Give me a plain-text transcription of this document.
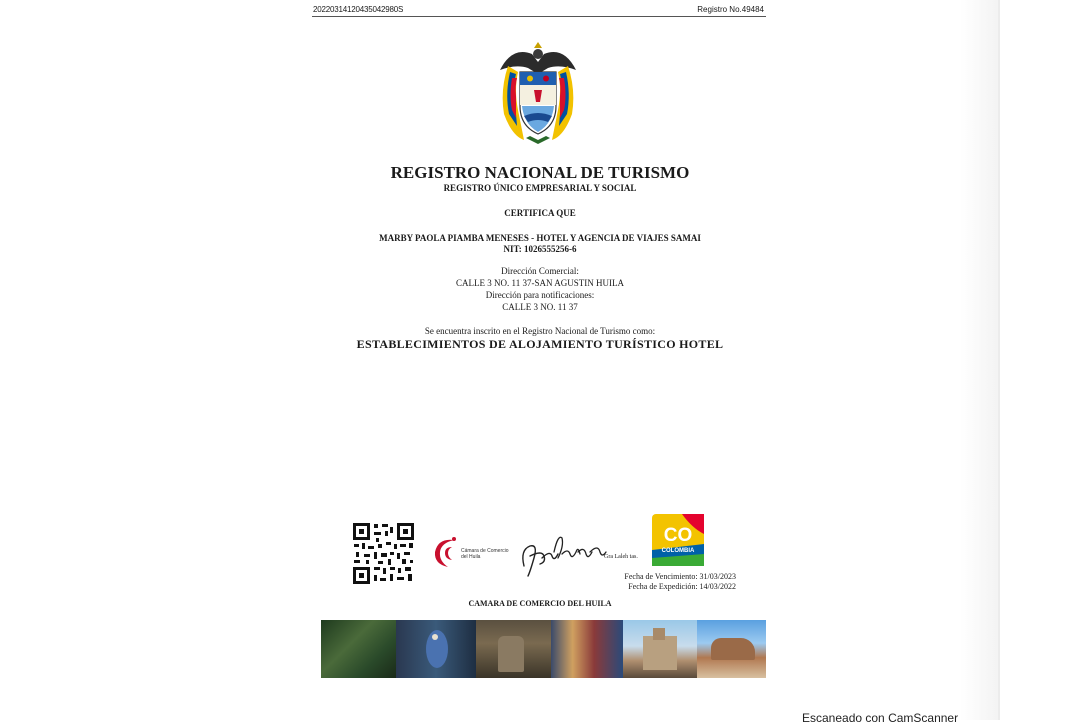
20220314120435042980S	Registro No.49484
REGISTRO NACIONAL DE TURISMO
REGISTRO ÚNICO EMPRESARIAL Y SOCIAL
CERTIFICA QUE
MARBY PAOLA PIAMBA MENESES - HOTEL Y AGENCIA DE VIAJES SAMAI
NIT: 1026555256-6
Dirección Comercial:
CALLE 3 NO. 11 37-SAN AGUSTIN HUILA
Dirección para notificaciones:
CALLE 3 NO. 11 37
Se encuentra inscrito en el Registro Nacional de Turismo como:
ESTABLECIMIENTOS DE ALOJAMIENTO TURÍSTICO HOTEL
Cámara de Comercio
del Huila	Gra Laleh tas.
CO
COLOMBIA
Fecha de Vencimiento: 31/03/2023
Fecha de Expedición: 14/03/2022
CAMARA DE COMERCIO DEL HUILA
Escaneado con CamScanner
